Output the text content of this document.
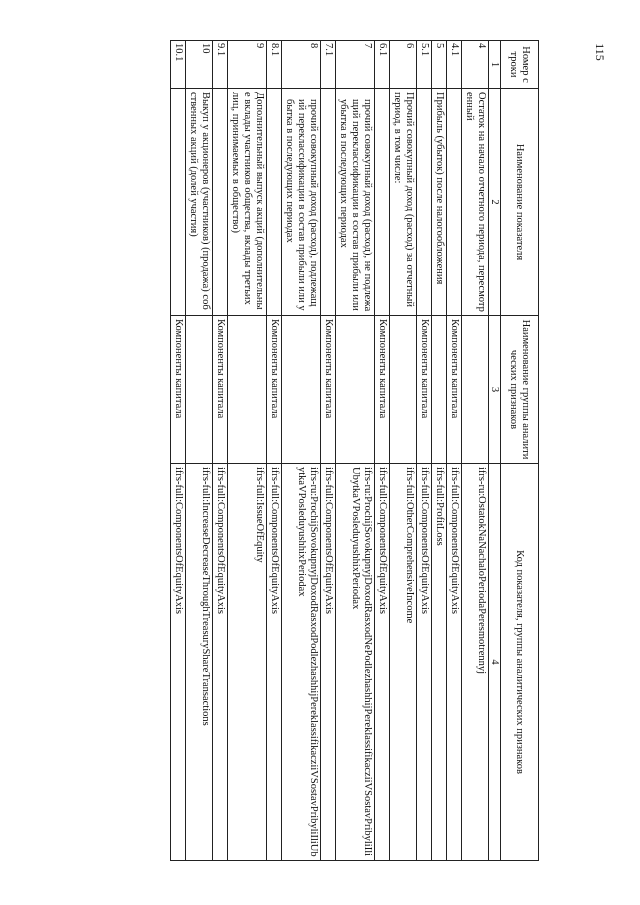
115
Номер строки	Наименование показателя	Наименование группы аналитических признаков	Код показателя, группы аналитических признаков
1	2	3	4
4	Остаток на начало отчетного периода, пересмотренный		ifrs-ru:OstatokNaNachaloPeriodaPeresmotrennyj
4.1		Компоненты капитала	ifrs-full:ComponentsOfEquityAxis
5	Прибыль (убыток) после налогообложения		ifrs-full:ProfitLoss
5.1		Компоненты капитала	ifrs-full:ComponentsOfEquityAxis
6	Прочий совокупный доход (расход) за отчетный период, в том числе:		ifrs-full:OtherComprehensiveIncome
6.1		Компоненты капитала	ifrs-full:ComponentsOfEquityAxis
7	прочий совокупный доход (расход), не подлежащий переклассификации в состав прибыли или убытка в последующих периодах		ifrs-ru:ProchijSovokupnyjDoxodRasxodNePodlezhashhijPereklassifikacziiVSostavPribyliIliUbytkaVPosleduyushhixPeriodax
7.1		Компоненты капитала	ifrs-full:ComponentsOfEquityAxis
8	прочий совокупный доход (расход), подлежащий переклассификации в состав прибыли или убытка в последующих периодах		ifrs-ru:ProchijSovokupnyjDoxodRasxodPodlezhashhijPereklassifikacziiVSostavPribyliIliUbytkaVPosleduyushhixPeriodax
8.1		Компоненты капитала	ifrs-full:ComponentsOfEquityAxis
9	Дополнительный выпуск акций (дополнительные вклады участников общества, вклады третьих лиц, принимаемых в общество)		ifrs-full:IssueOfEquity
9.1		Компоненты капитала	ifrs-full:ComponentsOfEquityAxis
10	Выкуп у акционеров (участников) (продажа) собственных акций (долей участия)		ifrs-full:IncreaseDecreaseThroughTreasuryShareTransactions
10.1		Компоненты капитала	ifrs-full:ComponentsOfEquityAxis
